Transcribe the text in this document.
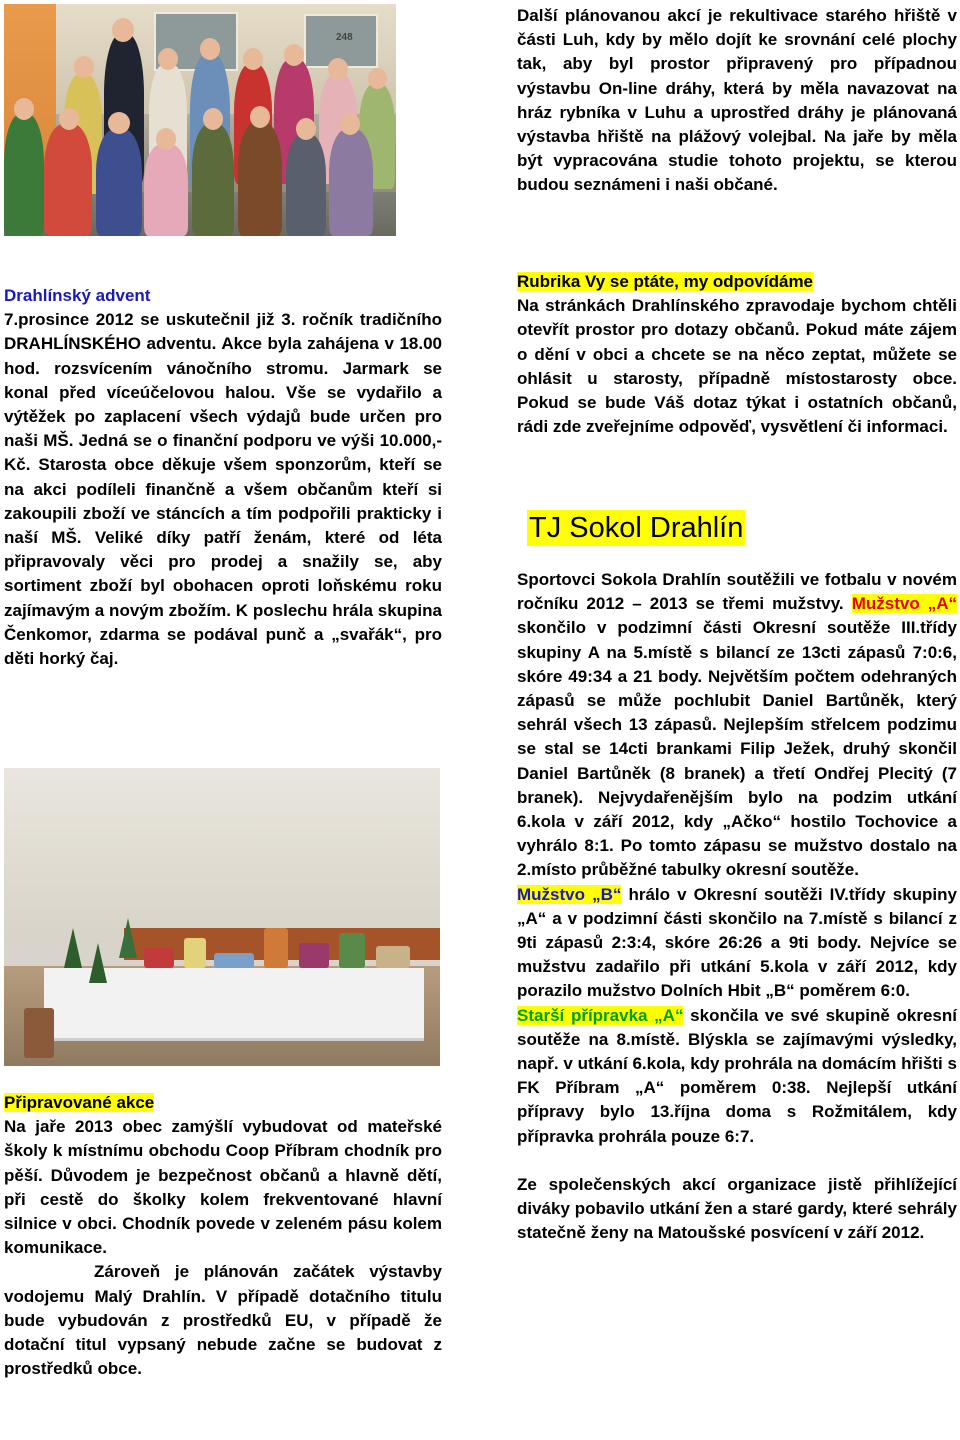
248

Další plánovanou akcí je rekultivace starého hřiště v části Luh, kdy by mělo dojít ke srovnání celé plochy tak, aby byl prostor připravený pro případnou výstavbu On-line dráhy, která by měla navazovat na hráz rybníka v Luhu a uprostřed dráhy je plánovaná výstavba hřiště na plážový volejbal. Na jaře by měla být vypracována studie tohoto projektu, se kterou budou seznámeni i naši občané.

Drahlínský advent

7.prosince 2012 se uskutečnil již 3. ročník tradičního DRAHLÍNSKÉHO adventu. Akce byla zahájena v 18.00 hod. rozsvícením vánočního stromu. Jarmark se konal před víceúčelovou halou. Vše se vydařilo a výtěžek po zaplacení všech výdajů bude určen pro naši MŠ. Jedná se o finanční podporu ve výši 10.000,- Kč. Starosta obce děkuje všem sponzorům, kteří se na akci podíleli finančně a všem občanům kteří si zakoupili zboží ve stáncích a tím podpořili prakticky i naší MŠ. Veliké díky patří ženám, které od léta připravovaly věci pro prodej a snažily se, aby sortiment zboží byl obohacen oproti loňskému roku zajímavým a novým zbožím. K poslechu hrála skupina Čenkomor, zdarma se podával punč a „svařák“, pro děti horký čaj.

Připravované akce

Na jaře 2013 obec zamýšlí vybudovat od mateřské školy k místnímu obchodu Coop Příbram chodník pro pěší. Důvodem je bezpečnost občanů a hlavně dětí, při cestě do školky kolem frekventované hlavní silnice v obci. Chodník povede v zeleném pásu kolem komunikace.

Zároveň je plánován začátek výstavby vodojemu Malý Drahlín. V případě dotačního titulu bude vybudován z prostředků EU, v případě že dotační titul vypsaný nebude začne se budovat z prostředků obce.

Rubrika Vy se ptáte, my odpovídáme

Na stránkách Drahlínského zpravodaje bychom chtěli otevřít prostor pro dotazy občanů. Pokud máte zájem o dění v obci a chcete se na něco zeptat, můžete se ohlásit u starosty, případně místostarosty obce. Pokud se bude Váš dotaz týkat i ostatních občanů, rádi zde zveřejníme odpověď, vysvětlení či informaci.

TJ Sokol Drahlín

Sportovci Sokola Drahlín soutěžili ve fotbalu v novém ročníku 2012 – 2013 se třemi mužstvy. Mužstvo „A“ skončilo v podzimní části Okresní soutěže III.třídy skupiny A na 5.místě s bilancí ze 13cti zápasů 7:0:6, skóre 49:34 a 21 body. Největším počtem odehraných zápasů se může pochlubit Daniel Bartůněk, který sehrál všech 13 zápasů. Nejlepším střelcem podzimu se stal se 14cti brankami Filip Ježek, druhý skončil Daniel Bartůněk (8 branek) a třetí Ondřej Plecitý (7 branek). Nejvydařenějším bylo na podzim utkání 6.kola v září 2012, kdy „Ačko“ hostilo Tochovice a vyhrálo 8:1. Po tomto zápasu se mužstvo dostalo na 2.místo průběžné tabulky okresní soutěže.

Mužstvo „B“ hrálo v Okresní soutěži IV.třídy skupiny „A“ a v podzimní části skončilo na 7.místě s bilancí z 9ti zápasů 2:3:4, skóre 26:26 a 9ti body. Nejvíce se mužstvu zadařilo při utkání 5.kola v září 2012, kdy porazilo mužstvo Dolních Hbit „B“ poměrem 6:0.

Starší přípravka „A“ skončila ve své skupině okresní soutěže na 8.místě. Blýskla se zajímavými výsledky, např. v utkání 6.kola, kdy prohrála na domácím hřišti s FK Příbram „A“ poměrem 0:38. Nejlepší utkání přípravy bylo 13.října doma s Rožmitálem, kdy přípravka prohrála pouze 6:7.

Ze společenských akcí organizace jistě přihlížející diváky pobavilo utkání žen a staré gardy, které sehrály statečně ženy na Matoušské posvícení v září 2012.
